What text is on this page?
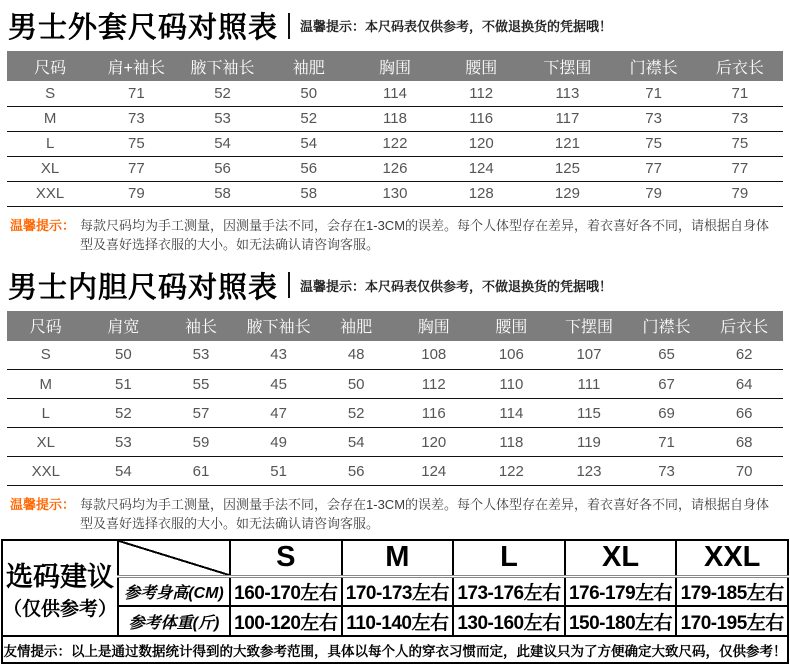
男士外套尺码对照表 温馨提示：本尺码表仅供参考，不做退换货的凭据哦！
尺码	肩+袖长	腋下袖长	袖肥	胸围	腰围	下摆围	门襟长	后衣长
S	71	52	50	114	112	113	71	71
M	73	53	52	118	116	117	73	73
L	75	54	54	122	120	121	75	75
XL	77	56	56	126	124	125	77	77
XXL	79	58	58	130	128	129	79	79
温馨提示： 每款尺码均为手工测量，因测量手法不同，会存在1-3CM的误差。每个人体型存在差异，着衣喜好各不同，请根据自身体型及喜好选择衣服的大小。如无法确认请咨询客服。
男士内胆尺码对照表 温馨提示：本尺码表仅供参考，不做退换货的凭据哦！
尺码	肩宽	袖长	腋下袖长	袖肥	胸围	腰围	下摆围	门襟长	后衣长
S	50	53	43	48	108	106	107	65	62
M	51	55	45	50	112	110	111	67	64
L	52	57	47	52	116	114	115	69	66
XL	53	59	49	54	120	118	119	71	68
XXL	54	61	51	56	124	122	123	73	70
温馨提示： 每款尺码均为手工测量，因测量手法不同，会存在1-3CM的误差。每个人体型存在差异，着衣喜好各不同，请根据自身体型及喜好选择衣服的大小。如无法确认请咨询客服。
选码建议
（仅供参考）		S	M	L	XL	XXL
	参考身高(CM)	160-170左右	170-173左右	173-176左右	176-179左右	179-185左右
	参考体重(斤)	100-120左右	110-140左右	130-160左右	150-180左右	170-195左右
友情提示：以上是通过数据统计得到的大致参考范围，具体以每个人的穿衣习惯而定，此建议只为了方便确定大致尺码，仅供参考！						
